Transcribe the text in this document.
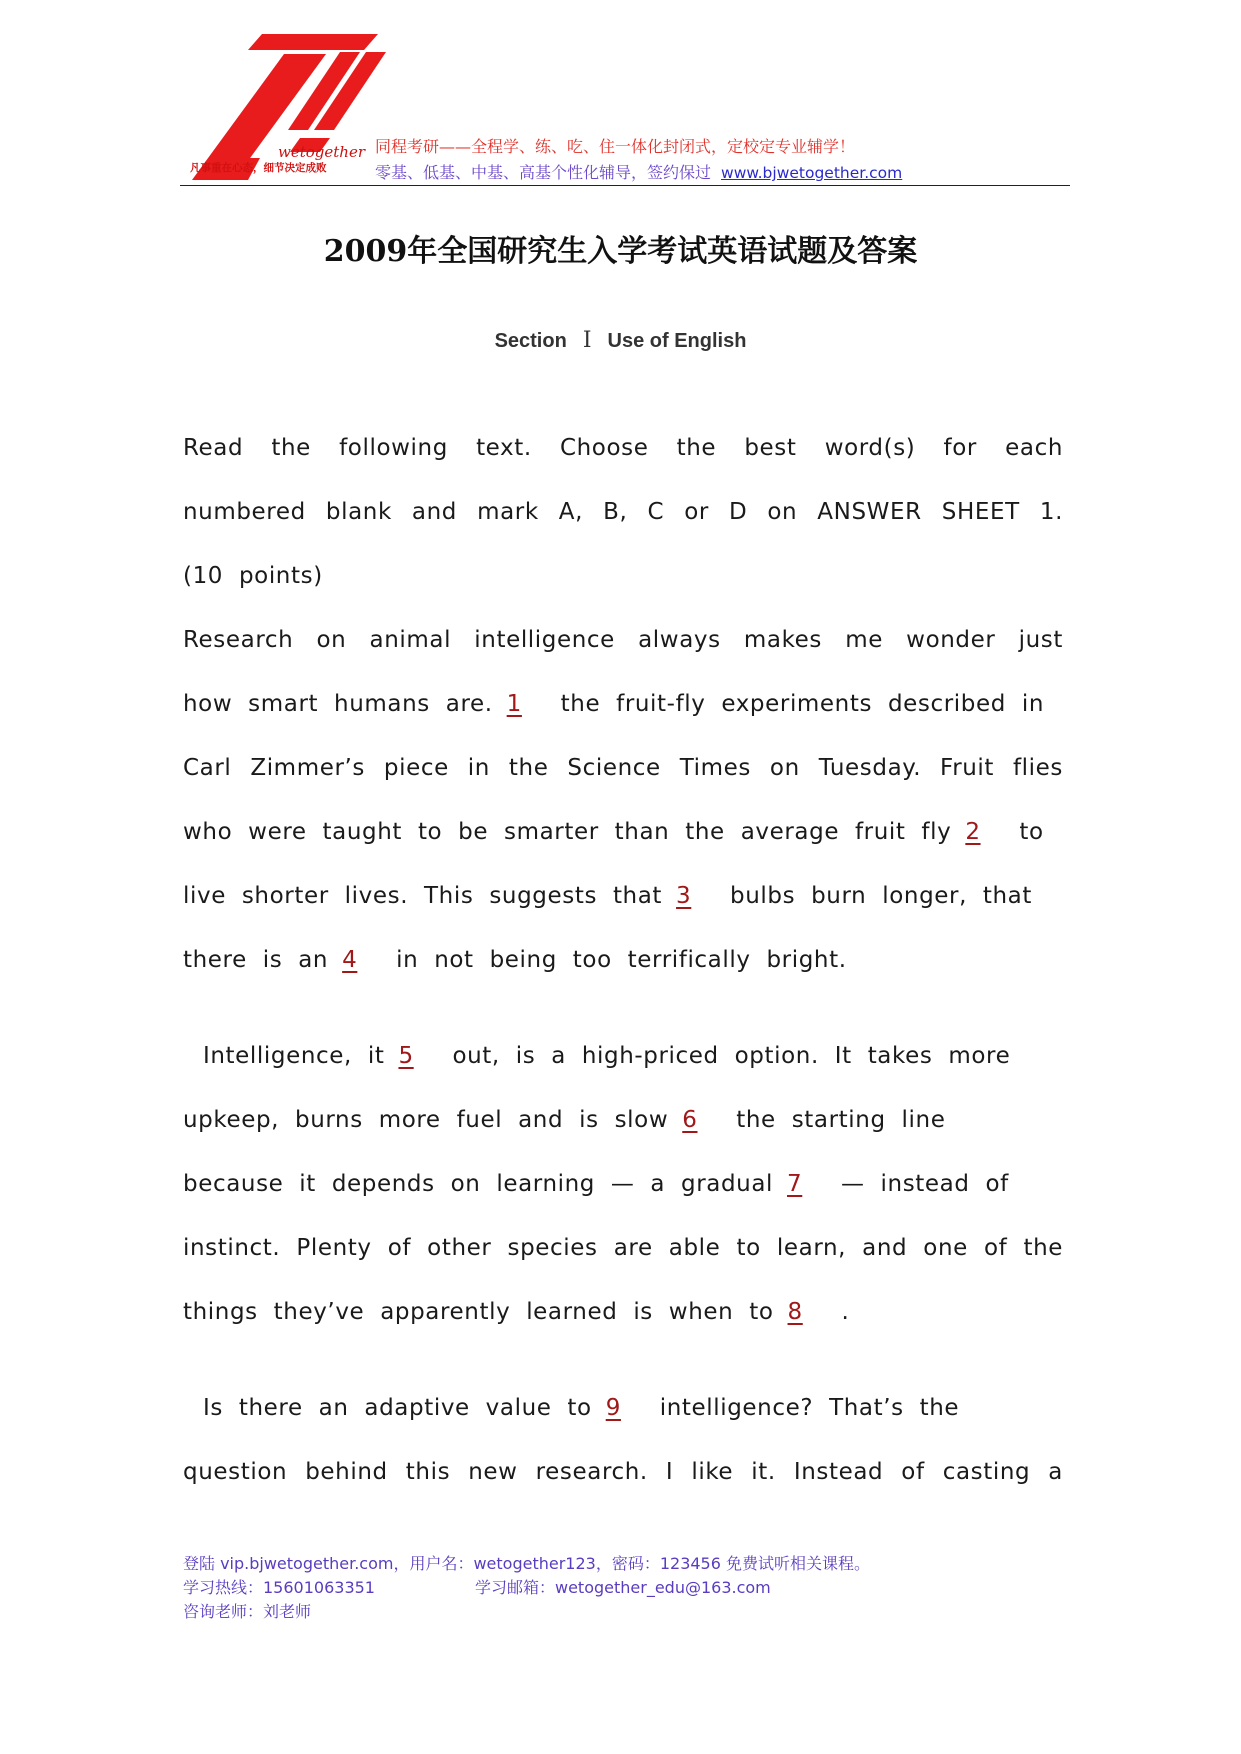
wetogether
凡事重在心态，细节决定成败
同程考研——全程学、练、吃、住一体化封闭式，定校定专业辅学！
零基、低基、中基、高基个性化辅导，签约保过 www.bjwetogether.com
2009年全国研究生入学考试英语试题及答案
Section Ⅰ Use of English
Read the following text. Choose the best word(s) for each
numbered blank and mark A, B, C or D on ANSWER SHEET 1.
(10 points)
Research on animal intelligence always makes me wonder just
how smart humans are. 1 the fruit-fly experiments described in
Carl Zimmer’s piece in the Science Times on Tuesday. Fruit flies
who were taught to be smarter than the average fruit fly 2 to
live shorter lives. This suggests that 3 bulbs burn longer, that
there is an 4 in not being too terrifically bright.
Intelligence, it 5 out, is a high-priced option. It takes more
upkeep, burns more fuel and is slow 6 the starting line
because it depends on learning — a gradual 7 — instead of
instinct. Plenty of other species are able to learn, and one of the
things they’ve apparently learned is when to 8 .
Is there an adaptive value to 9 intelligence? That’s the
question behind this new research. I like it. Instead of casting a
登陆 vip.bjwetogether.com，用户名：wetogether123，密码：123456 免费试听相关课程。
学习热线：15601063351	学习邮箱：wetogether_edu@163.com
咨询老师：刘老师
